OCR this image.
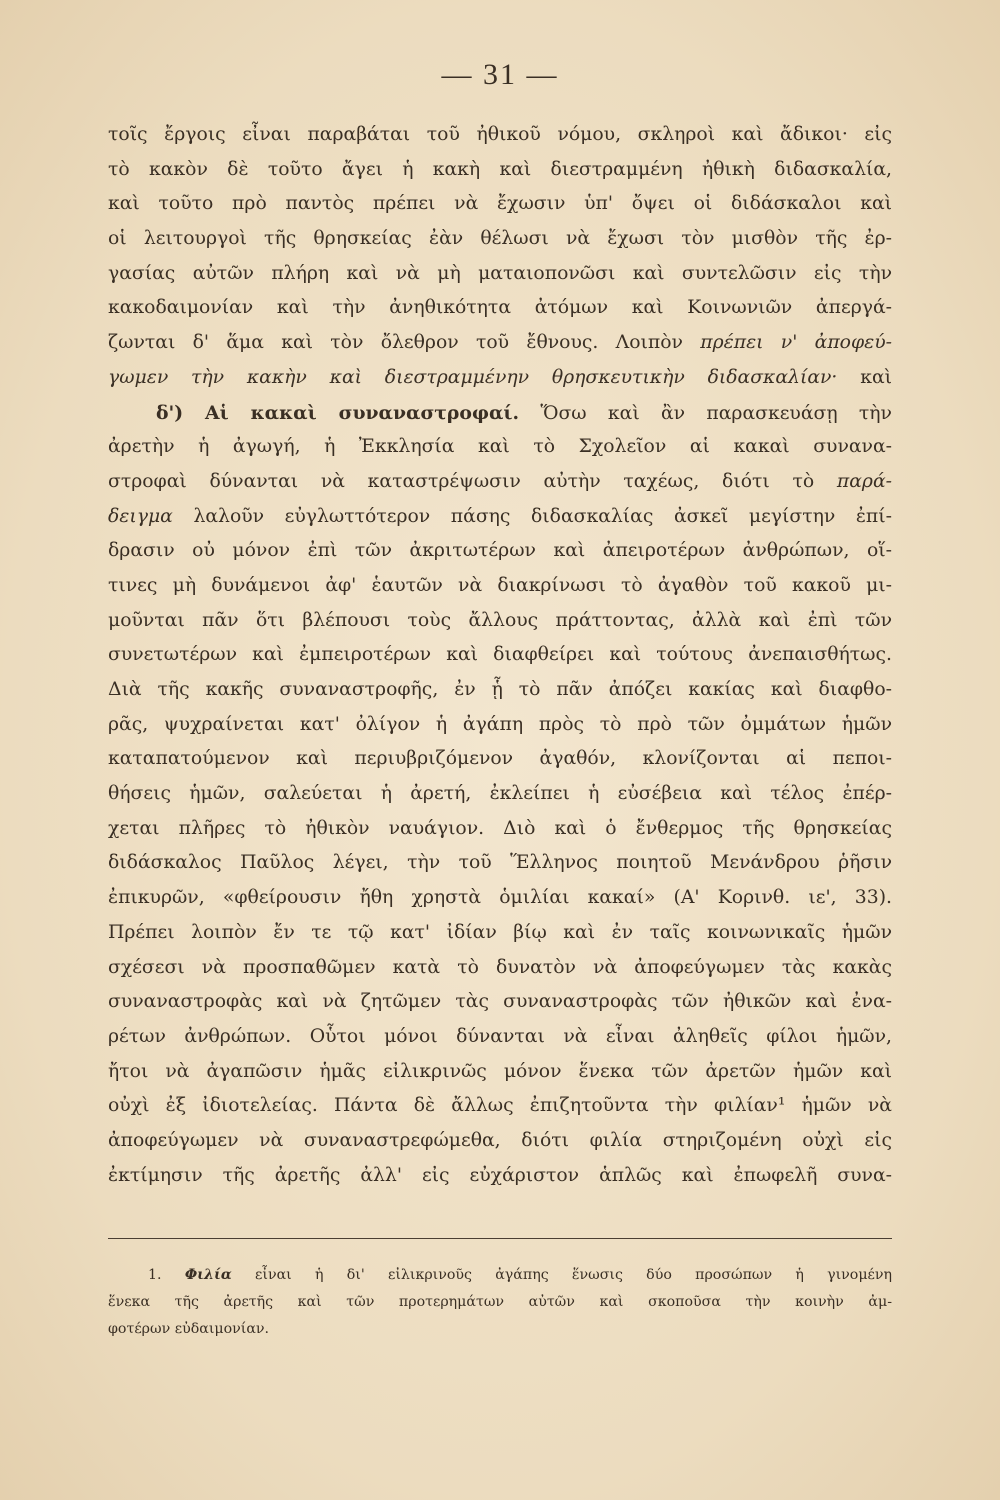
— 31 —
τοῖς ἔργοις εἶναι παραβάται τοῦ ἠθικοῦ νόμου, σκληροὶ καὶ ἄδικοι· εἰς
τὸ κακὸν δὲ τοῦτο ἄγει ἡ κακὴ καὶ διεστραμμένη ἠθικὴ διδασκαλία,
καὶ τοῦτο πρὸ παντὸς πρέπει νὰ ἔχωσιν ὑπ' ὄψει οἱ διδάσκαλοι καὶ
οἱ λειτουργοὶ τῆς θρησκείας ἐὰν θέλωσι νὰ ἔχωσι τὸν μισθὸν τῆς ἐρ-
γασίας αὐτῶν πλήρη καὶ νὰ μὴ ματαιοπονῶσι καὶ συντελῶσιν εἰς τὴν
κακοδαιμονίαν καὶ τὴν ἀνηθικότητα ἀτόμων καὶ Κοινωνιῶν ἀπεργά-
ζωνται δ' ἅμα καὶ τὸν ὄλεθρον τοῦ ἔθνους. Λοιπὸν πρέπει ν' ἀποφεύ-
γωμεν τὴν κακὴν καὶ διεστραμμένην θρησκευτικὴν διδασκαλίαν· καὶ
δ') Αἱ κακαὶ συναναστροφαί. Ὅσω καὶ ἂν παρασκευάσῃ τὴν
ἀρετὴν ἡ ἀγωγή, ἡ Ἐκκλησία καὶ τὸ Σχολεῖον αἱ κακαὶ συνανα-
στροφαὶ δύνανται νὰ καταστρέψωσιν αὐτὴν ταχέως, διότι τὸ παρά-
δειγμα λαλοῦν εὐγλωττότερον πάσης διδασκαλίας ἀσκεῖ μεγίστην ἐπί-
δρασιν οὐ μόνον ἐπὶ τῶν ἀκριτωτέρων καὶ ἀπειροτέρων ἀνθρώπων, οἵ-
τινες μὴ δυνάμενοι ἀφ' ἑαυτῶν νὰ διακρίνωσι τὸ ἀγαθὸν τοῦ κακοῦ μι-
μοῦνται πᾶν ὅτι βλέπουσι τοὺς ἄλλους πράττοντας, ἀλλὰ καὶ ἐπὶ τῶν
συνετωτέρων καὶ ἐμπειροτέρων καὶ διαφθείρει καὶ τούτους ἀνεπαισθήτως.
Διὰ τῆς κακῆς συναναστροφῆς, ἐν ᾗ τὸ πᾶν ἀπόζει κακίας καὶ διαφθο-
ρᾶς, ψυχραίνεται κατ' ὀλίγον ἡ ἀγάπη πρὸς τὸ πρὸ τῶν ὀμμάτων ἡμῶν
καταπατούμενον καὶ περιυβριζόμενον ἀγαθόν, κλονίζονται αἱ πεποι-
θήσεις ἡμῶν, σαλεύεται ἡ ἀρετή, ἐκλείπει ἡ εὐσέβεια καὶ τέλος ἐπέρ-
χεται πλῆρες τὸ ἠθικὸν ναυάγιον. Διὸ καὶ ὁ ἔνθερμος τῆς θρησκείας
διδάσκαλος Παῦλος λέγει, τὴν τοῦ Ἕλληνος ποιητοῦ Μενάνδρου ῥῆσιν
ἐπικυρῶν, «φθείρουσιν ἤθη χρηστὰ ὁμιλίαι κακαί» (Α' Κορινθ. ιε', 33).
Πρέπει λοιπὸν ἔν τε τῷ κατ' ἰδίαν βίῳ καὶ ἐν ταῖς κοινωνικαῖς ἡμῶν
σχέσεσι νὰ προσπαθῶμεν κατὰ τὸ δυνατὸν νὰ ἀποφεύγωμεν τὰς κακὰς
συναναστροφὰς καὶ νὰ ζητῶμεν τὰς συναναστροφὰς τῶν ἠθικῶν καὶ ἐνα-
ρέτων ἀνθρώπων. Οὗτοι μόνοι δύνανται νὰ εἶναι ἀληθεῖς φίλοι ἡμῶν,
ἤτοι νὰ ἀγαπῶσιν ἡμᾶς εἰλικρινῶς μόνον ἕνεκα τῶν ἀρετῶν ἡμῶν καὶ
οὐχὶ ἐξ ἰδιοτελείας. Πάντα δὲ ἄλλως ἐπιζητοῦντα τὴν φιλίαν¹ ἡμῶν νὰ
ἀποφεύγωμεν νὰ συναναστρεφώμεθα, διότι φιλία στηριζομένη οὐχὶ εἰς
ἐκτίμησιν τῆς ἀρετῆς ἀλλ' εἰς εὐχάριστον ἁπλῶς καὶ ἐπωφελῆ συνα-
1. Φιλία εἶναι ἡ δι' εἰλικρινοῦς ἀγάπης ἕνωσις δύο προσώπων ἡ γινομένη
ἕνεκα τῆς ἀρετῆς καὶ τῶν προτερημάτων αὐτῶν καὶ σκοποῦσα τὴν κοινὴν ἀμ-
φοτέρων εὐδαιμονίαν.
